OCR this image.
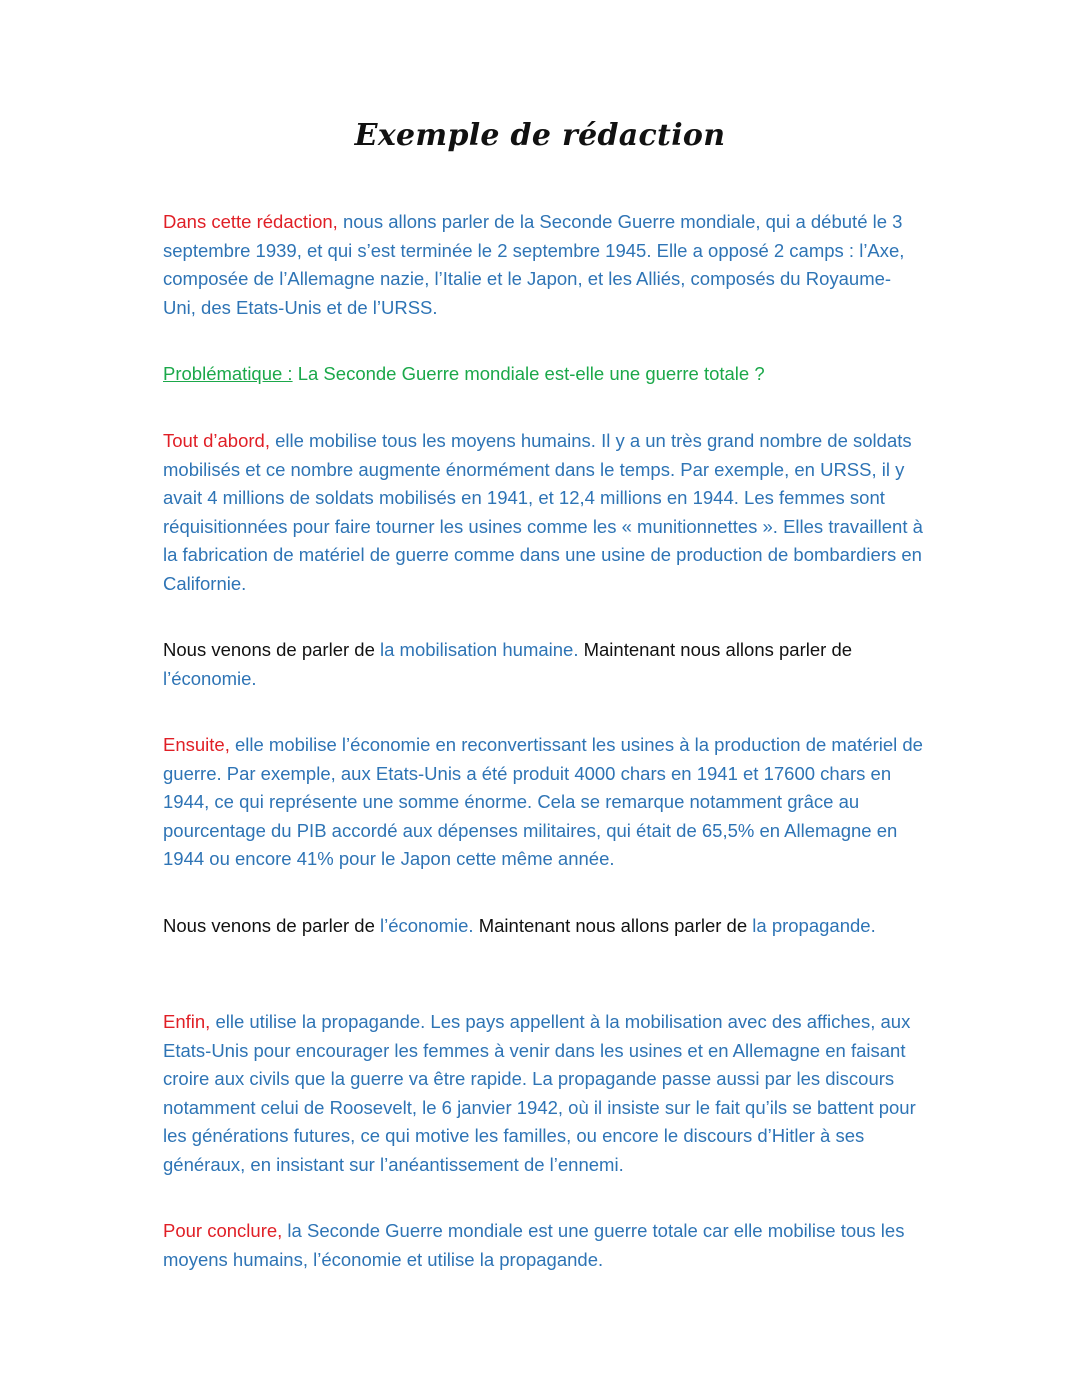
Exemple de rédaction

Dans cette rédaction, nous allons parler de la Seconde Guerre mondiale, qui a débuté le 3 septembre 1939, et qui s’est terminée le 2 septembre 1945. Elle a opposé 2 camps : l’Axe, composée de l’Allemagne nazie, l’Italie et le Japon, et les Alliés, composés du Royaume-Uni, des Etats-Unis et de l’URSS.

Problématique : La Seconde Guerre mondiale est-elle une guerre totale ?

Tout d’abord, elle mobilise tous les moyens humains. Il y a un très grand nombre de soldats mobilisés et ce nombre augmente énormément dans le temps. Par exemple, en URSS, il y avait 4 millions de soldats mobilisés en 1941, et 12,4 millions en 1944. Les femmes sont réquisitionnées pour faire tourner les usines comme les « munitionnettes ». Elles travaillent à la fabrication de matériel de guerre comme dans une usine de production de bombardiers en Californie.

Nous venons de parler de la mobilisation humaine. Maintenant nous allons parler de l’économie.

Ensuite, elle mobilise l’économie en reconvertissant les usines à la production de matériel de guerre. Par exemple, aux Etats-Unis a été produit 4000 chars en 1941 et 17600 chars en 1944, ce qui représente une somme énorme. Cela se remarque notamment grâce au pourcentage du PIB accordé aux dépenses militaires, qui était de 65,5% en Allemagne en 1944 ou encore 41% pour le Japon cette même année.

Nous venons de parler de l’économie. Maintenant nous allons parler de la propagande.

Enfin, elle utilise la propagande. Les pays appellent à la mobilisation avec des affiches, aux Etats-Unis pour encourager les femmes à venir dans les usines et en Allemagne en faisant croire aux civils que la guerre va être rapide. La propagande passe aussi par les discours notamment celui de Roosevelt, le 6 janvier 1942, où il insiste sur le fait qu’ils se battent pour les générations futures, ce qui motive les familles, ou encore le discours d’Hitler à ses généraux, en insistant sur l’anéantissement de l’ennemi.

Pour conclure, la Seconde Guerre mondiale est une guerre totale car elle mobilise tous les moyens humains, l’économie et utilise la propagande.
